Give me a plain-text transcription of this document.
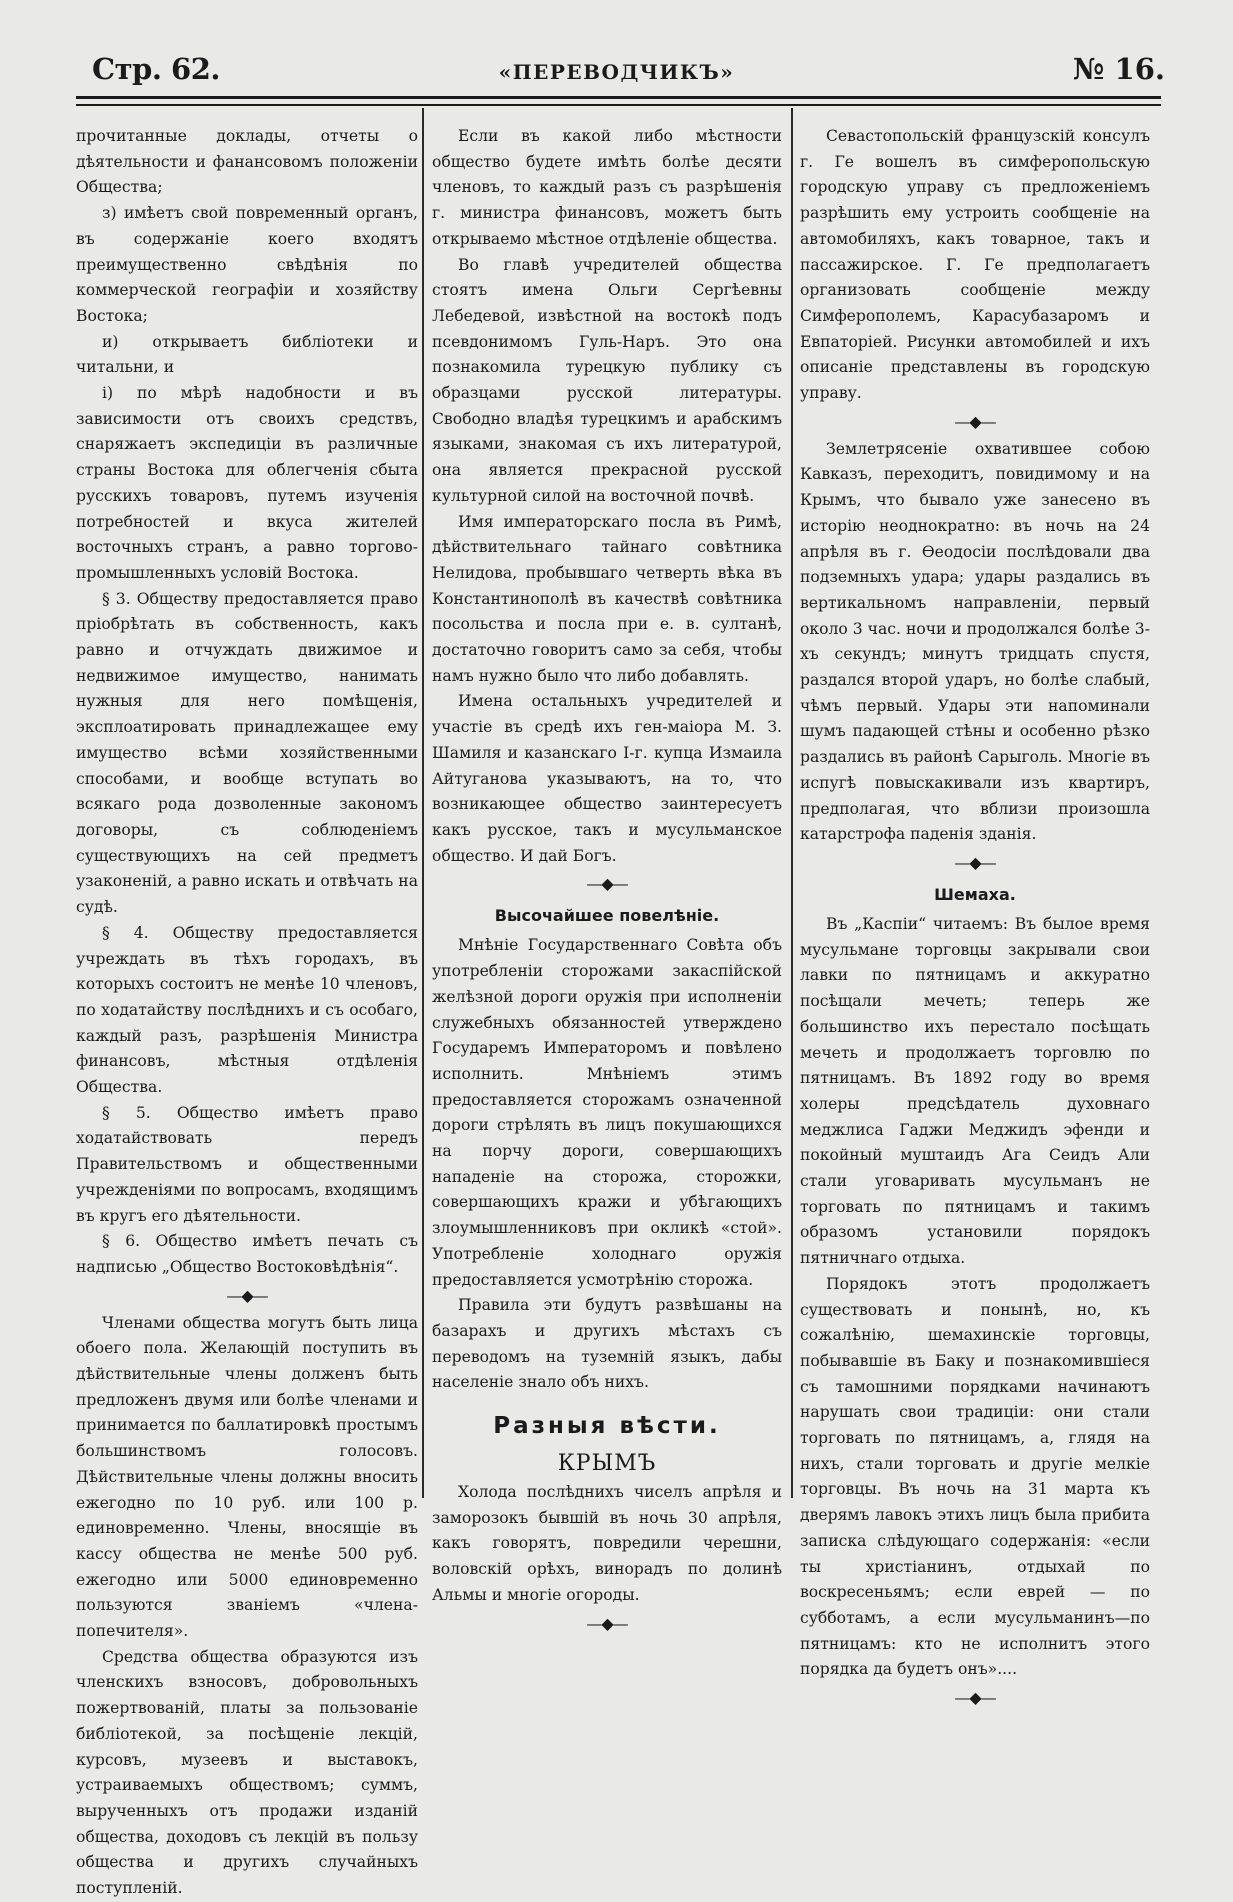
Стр. 62.	«ПЕРЕВОДЧИКЪ»	№ 16.

прочитанные доклады, отчеты о дѣятельности и фанансовомъ положеніи Общества;

з) имѣетъ свой повременный органъ, въ содержаніе коего входятъ преимущественно свѣдѣнія по коммерческой географіи и хозяйству Востока;

и) открываетъ библіотеки и читальни, и

і) по мѣрѣ надобности и въ зависимости отъ своихъ средствъ, снаряжаетъ экспедиціи въ различные страны Востока для облегченія сбыта русскихъ товаровъ, путемъ изученія потребностей и вкуса жителей восточныхъ странъ, а равно торгово-промышленныхъ условій Востока.

§ 3. Обществу предоставляется право пріобрѣтать въ собственность, какъ равно и отчуждать движимое и недвижимое имущество, нанимать нужныя для него помѣщенія, эксплоатировать принадлежащее ему имущество всѣми хозяйственными способами, и вообще вступать во всякаго рода дозволенные закономъ договоры, съ соблюденіемъ существующихъ на сей предметъ узаконеній, а равно искать и отвѣчать на судѣ.

§ 4. Обществу предоставляется учреждать въ тѣхъ городахъ, въ которыхъ состоитъ не менѣе 10 членовъ, по ходатайству послѣднихъ и съ особаго, каждый разъ, разрѣшенія Министра финансовъ, мѣстныя отдѣленія Общества.

§ 5. Общество имѣетъ право ходатайствовать передъ Правительствомъ и общественными учрежденіями по вопросамъ, входящимъ въ кругъ его дѣятельности.

§ 6. Общество имѣетъ печать съ надписью „Общество Востоковѣдѣнія“.

—◆—

Членами общества могутъ быть лица обоего пола. Желающій поступить въ дѣйствительные члены долженъ быть предложенъ двумя или болѣе членами и принимается по баллатировкѣ простымъ большинствомъ голосовъ. Дѣйствительные члены должны вносить ежегодно по 10 руб. или 100 р. единовременно. Члены, вносящіе въ кассу общества не менѣе 500 руб. ежегодно или 5000 единовременно пользуются званіемъ «члена-попечителя».

Средства общества образуются изъ членскихъ взносовъ, добровольныхъ пожертвованій, платы за пользованіе библіотекой, за посѣщеніе лекцій, курсовъ, музеевъ и выставокъ, устраиваемыхъ обществомъ; суммъ, вырученныхъ отъ продажи изданій общества, доходовъ съ лекцій въ пользу общества и другихъ случайныхъ поступленій.

Если въ какой либо мѣстности общество будете имѣть болѣе десяти членовъ, то каждый разъ съ разрѣшенія г. министра финансовъ, можетъ быть открываемо мѣстное отдѣленіе общества.

Во главѣ учредителей общества стоятъ имена Ольги Сергѣевны Лебедевой, извѣстной на востокѣ подъ псевдонимомъ Гуль-Наръ. Это она познакомила турецкую публику съ образцами русской литературы. Свободно владѣя турецкимъ и арабскимъ языками, знакомая съ ихъ литературой, она является прекрасной русской культурной силой на восточной почвѣ.

Имя императорскаго посла въ Римѣ, дѣйствительнаго тайнаго совѣтника Нелидова, пробывшаго четверть вѣка въ Константинополѣ въ качествѣ совѣтника посольства и посла при е. в. султанѣ, достаточно говоритъ само за себя, чтобы намъ нужно было что либо добавлять.

Имена остальныхъ учредителей и участіе въ средѣ ихъ ген-маіора М. З. Шамиля и казанскаго І-г. купца Измаила Айтуганова указываютъ, на то, что возникающее общество заинтересуетъ какъ русское, такъ и мусульманское общество. И дай Богъ.

—◆—
Высочайшее повелѣніе.

Мнѣніе Государственнаго Совѣта объ употребленіи сторожами закаспійской желѣзной дороги оружія при исполненіи служебныхъ обязанностей утверждено Государемъ Императоромъ и повѣлено исполнить. Мнѣніемъ этимъ предоставляется сторожамъ означенной дороги стрѣлять въ лицъ покушающихся на порчу дороги, совершающихъ нападеніе на сторожа, сторожки, совершающихъ кражи и убѣгающихъ злоумышленниковъ при окликѣ «стой». Употребленіе холоднаго оружія предоставляется усмотрѣнію сторожа.

Правила эти будутъ развѣшаны на базарахъ и другихъ мѣстахъ съ переводомъ на туземній языкъ, дабы населеніе знало объ нихъ.

Разныя вѣсти.
КРЫМЪ

Холода послѣднихъ чиселъ апрѣля и заморозокъ бывшій въ ночь 30 апрѣля, какъ говорятъ, повредили черешни, воловскій орѣхъ, винорадъ по долинѣ Альмы и многіе огороды.

—◆—

Севастопольскій французскій консулъ г. Ге вошелъ въ симферопольскую городскую управу съ предложеніемъ разрѣшить ему устроить сообщеніе на автомобиляхъ, какъ товарное, такъ и пассажирское. Г. Ге предполагаетъ организовать сообщеніе между Симферополемъ, Карасубазаромъ и Евпаторіей. Рисунки автомобилей и ихъ описаніе представлены въ городскую управу.

—◆—

Землетрясеніе охватившее собою Кавказъ, переходитъ, повидимому и на Крымъ, что бывало уже занесено въ исторію неоднократно: въ ночь на 24 апрѣля въ г. Ѳеодосіи послѣдовали два подземныхъ удара; удары раздались въ вертикальномъ направленіи, первый около 3 час. ночи и продолжался болѣе 3-хъ секундъ; минутъ тридцать спустя, раздался второй ударъ, но болѣе слабый, чѣмъ первый. Удары эти напоминали шумъ падающей стѣны и особенно рѣзко раздались въ районѣ Сарыголь. Многіе въ испугѣ повыскакивали изъ квартиръ, предполагая, что вблизи произошла катарстрофа паденія зданія.

—◆—
Шемаха.

Въ „Каспіи“ читаемъ: Въ былое время мусульмане торговцы закрывали свои лавки по пятницамъ и аккуратно посѣщали мечеть; теперь же большинство ихъ перестало посѣщать мечеть и продолжаетъ торговлю по пятницамъ. Въ 1892 году во время холеры предсѣдатель духовнаго меджлиса Гаджи Меджидъ эфенди и покойный муштаидъ Ага Сеидъ Али стали уговаривать мусульманъ не торговать по пятницамъ и такимъ образомъ установили порядокъ пятничнаго отдыха.

Порядокъ этотъ продолжаетъ существовать и понынѣ, но, къ сожалѣнію, шемахинскіе торговцы, побывавшіе въ Баку и познакомившіеся съ тамошними порядками начинаютъ нарушать свои традиціи: они стали торговать по пятницамъ, а, глядя на нихъ, стали торговать и другіе мелкіе торговцы. Въ ночь на 31 марта къ дверямъ лавокъ этихъ лицъ была прибита записка слѣдующаго содержанія: «если ты христіанинъ, отдыхай по воскресеньямъ; если еврей — по субботамъ, а если мусульманинъ—по пятницамъ: кто не исполнитъ этого порядка да будетъ онъ»....

—◆—
